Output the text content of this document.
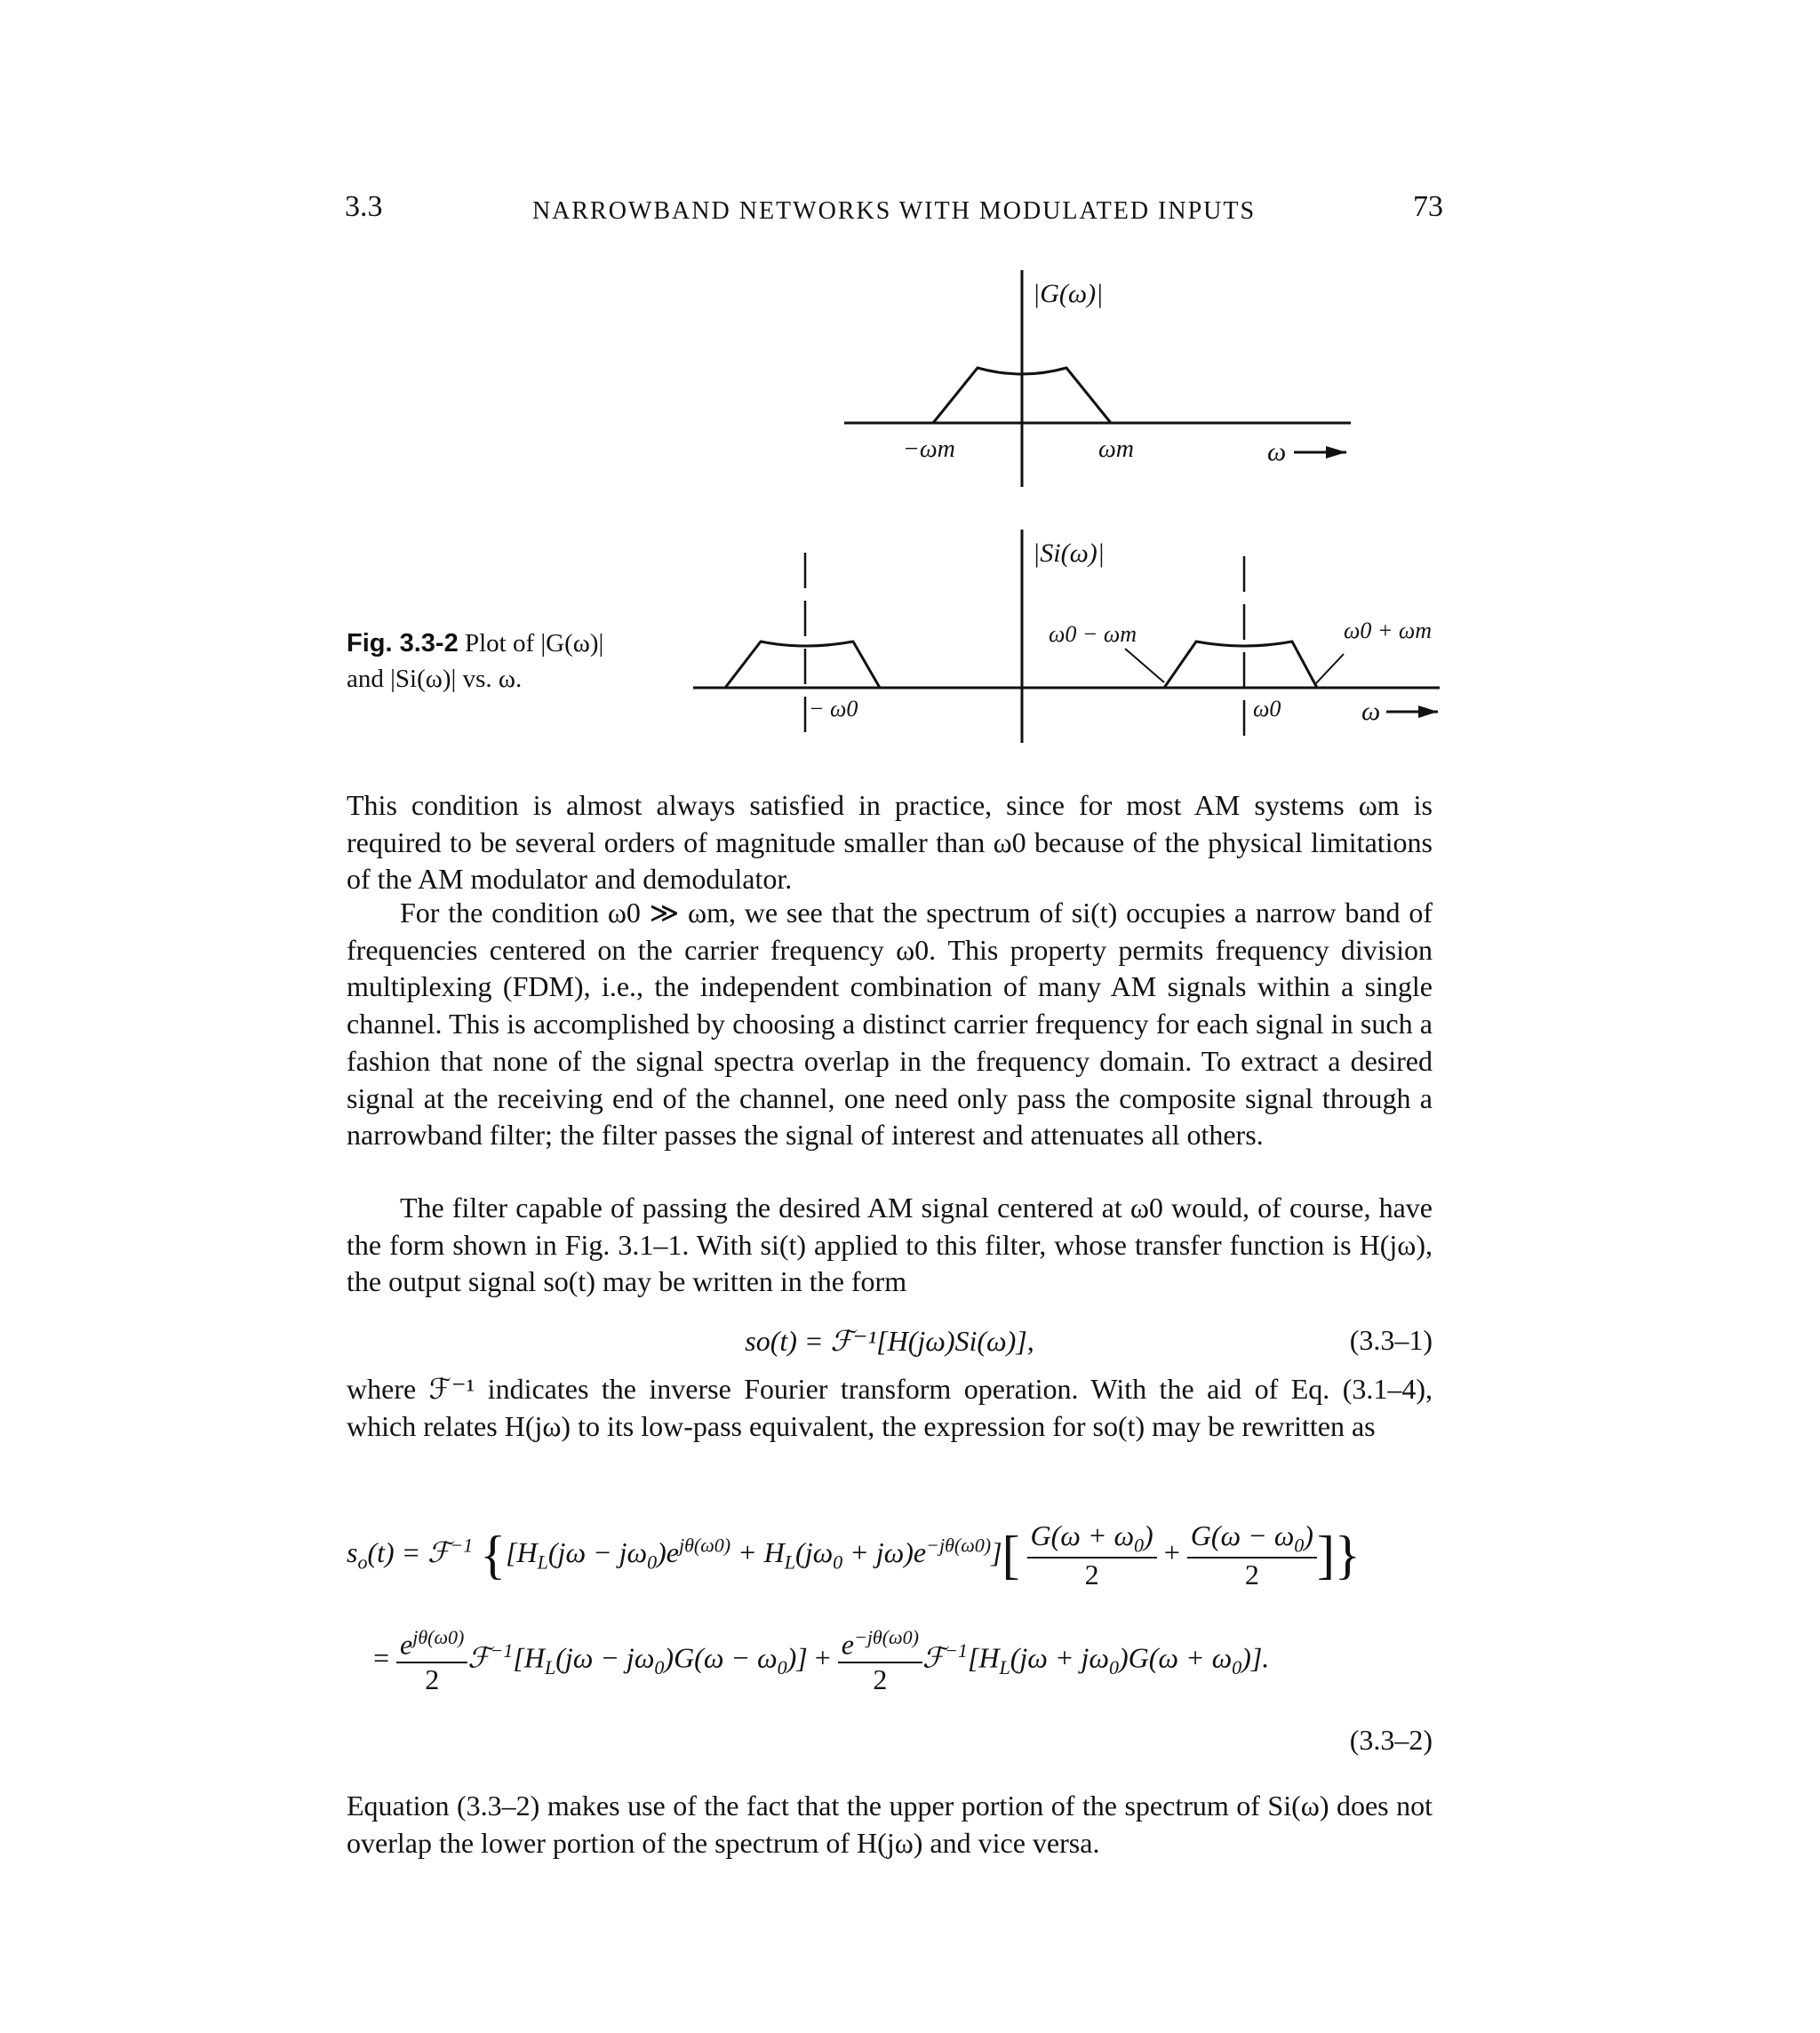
3.3	NARROWBAND NETWORKS WITH MODULATED INPUTS	73
|G(ω)|
−ωm	ωm	ω
|Si(ω)|
ω0 − ωm	ω0 + ωm
− ω0	ω0	ω
Fig. 3.3-2 Plot of |G(ω)|
and |Si(ω)| vs. ω.
This condition is almost always satisfied in practice, since for most AM systems ωm is required to be several orders of magnitude smaller than ω0 because of the physical limitations of the AM modulator and demodulator.
For the condition ω0 ≫ ωm, we see that the spectrum of si(t) occupies a narrow band of frequencies centered on the carrier frequency ω0. This property permits frequency division multiplexing (FDM), i.e., the independent combination of many AM signals within a single channel. This is accomplished by choosing a distinct carrier frequency for each signal in such a fashion that none of the signal spectra overlap in the frequency domain. To extract a desired signal at the receiving end of the channel, one need only pass the composite signal through a narrowband filter; the filter passes the signal of interest and attenuates all others.
The filter capable of passing the desired AM signal centered at ω0 would, of course, have the form shown in Fig. 3.1–1. With si(t) applied to this filter, whose transfer function is H(jω), the output signal so(t) may be written in the form
so(t) = ℱ⁻¹[H(jω)Si(ω)],	(3.3–1)
where ℱ⁻¹ indicates the inverse Fourier transform operation. With the aid of Eq. (3.1–4), which relates H(jω) to its low-pass equivalent, the expression for so(t) may be rewritten as
$s_o(t)$ = ℱ$^{-1}$ {$[H_L(j\omega - j\omega_0)e^{j\theta(\omega 0)} + H_L(j\omega_0 + j\omega)e^{-j\theta(\omega 0)}][ \frac{G(\omega + \omega_0)}{2} + \frac{G(\omega - \omega_0)}{2}$ ]}
= $\frac{e^{j\theta(\omega 0)}}{2}$ $ℱ^{-1}[H_L(j\omega - j\omega_0)G(\omega - \omega_0)] + \frac{e^{-j\theta(\omega 0)}}{2}$ $ℱ^{-1}[H_L(j\omega + j\omega_0)G(\omega + \omega_0)]$.
(3.3–2)
Equation (3.3–2) makes use of the fact that the upper portion of the spectrum of Si(ω) does not overlap the lower portion of the spectrum of H(jω) and vice versa.
